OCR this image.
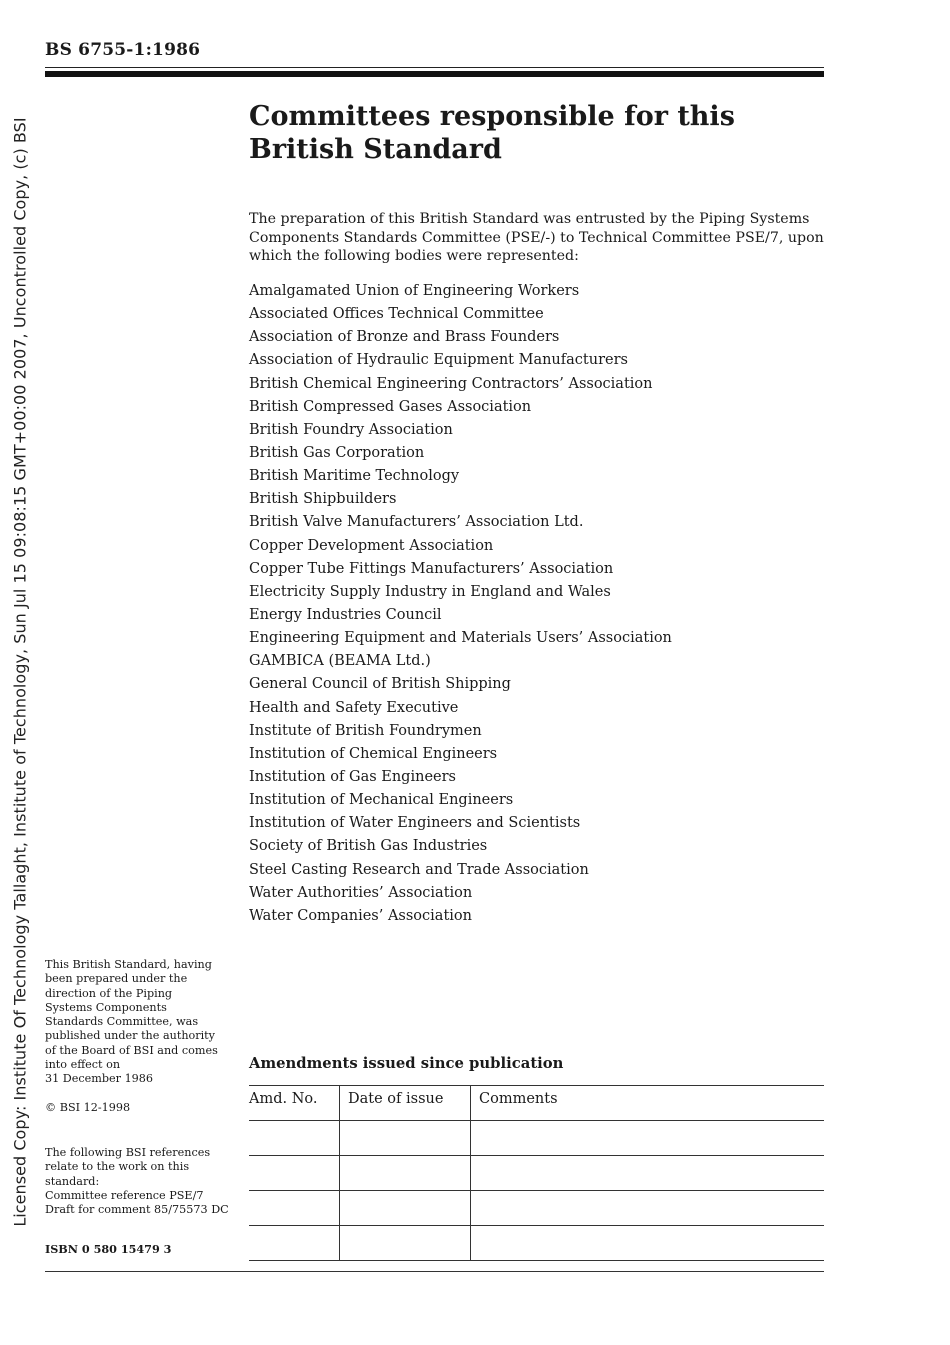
Licensed Copy: Institute Of Technology Tallaght, Institute of Technology, Sun Jul 15 09:08:15 GMT+00:00 2007, Uncontrolled Copy, (c) BSI
BS 6755-1:1986
Committees responsible for this
British Standard

The preparation of this British Standard was entrusted by the Piping Systems Components Standards Committee (PSE/-) to Technical Committee PSE/7, upon which the following bodies were represented:

Amalgamated Union of Engineering Workers
Associated Offices Technical Committee
Association of Bronze and Brass Founders
Association of Hydraulic Equipment Manufacturers
British Chemical Engineering Contractors’ Association
British Compressed Gases Association
British Foundry Association
British Gas Corporation
British Maritime Technology
British Shipbuilders
British Valve Manufacturers’ Association Ltd.
Copper Development Association
Copper Tube Fittings Manufacturers’ Association
Electricity Supply Industry in England and Wales
Energy Industries Council
Engineering Equipment and Materials Users’ Association
GAMBICA (BEAMA Ltd.)
General Council of British Shipping
Health and Safety Executive
Institute of British Foundrymen
Institution of Chemical Engineers
Institution of Gas Engineers
Institution of Mechanical Engineers
Institution of Water Engineers and Scientists
Society of British Gas Industries
Steel Casting Research and Trade Association
Water Authorities’ Association
Water Companies’ Association

This British Standard, having
been prepared under the
direction of the Piping
Systems Components
Standards Committee, was
published under the authority
of the Board of BSI and comes
into effect on
31 December 1986

© BSI 12-1998

The following BSI references
relate to the work on this
standard:
Committee reference PSE/7
Draft for comment 85/75573 DC

ISBN 0 580 15479 3

Amendments issued since publication
Amd. No.	Date of issue	Comments
